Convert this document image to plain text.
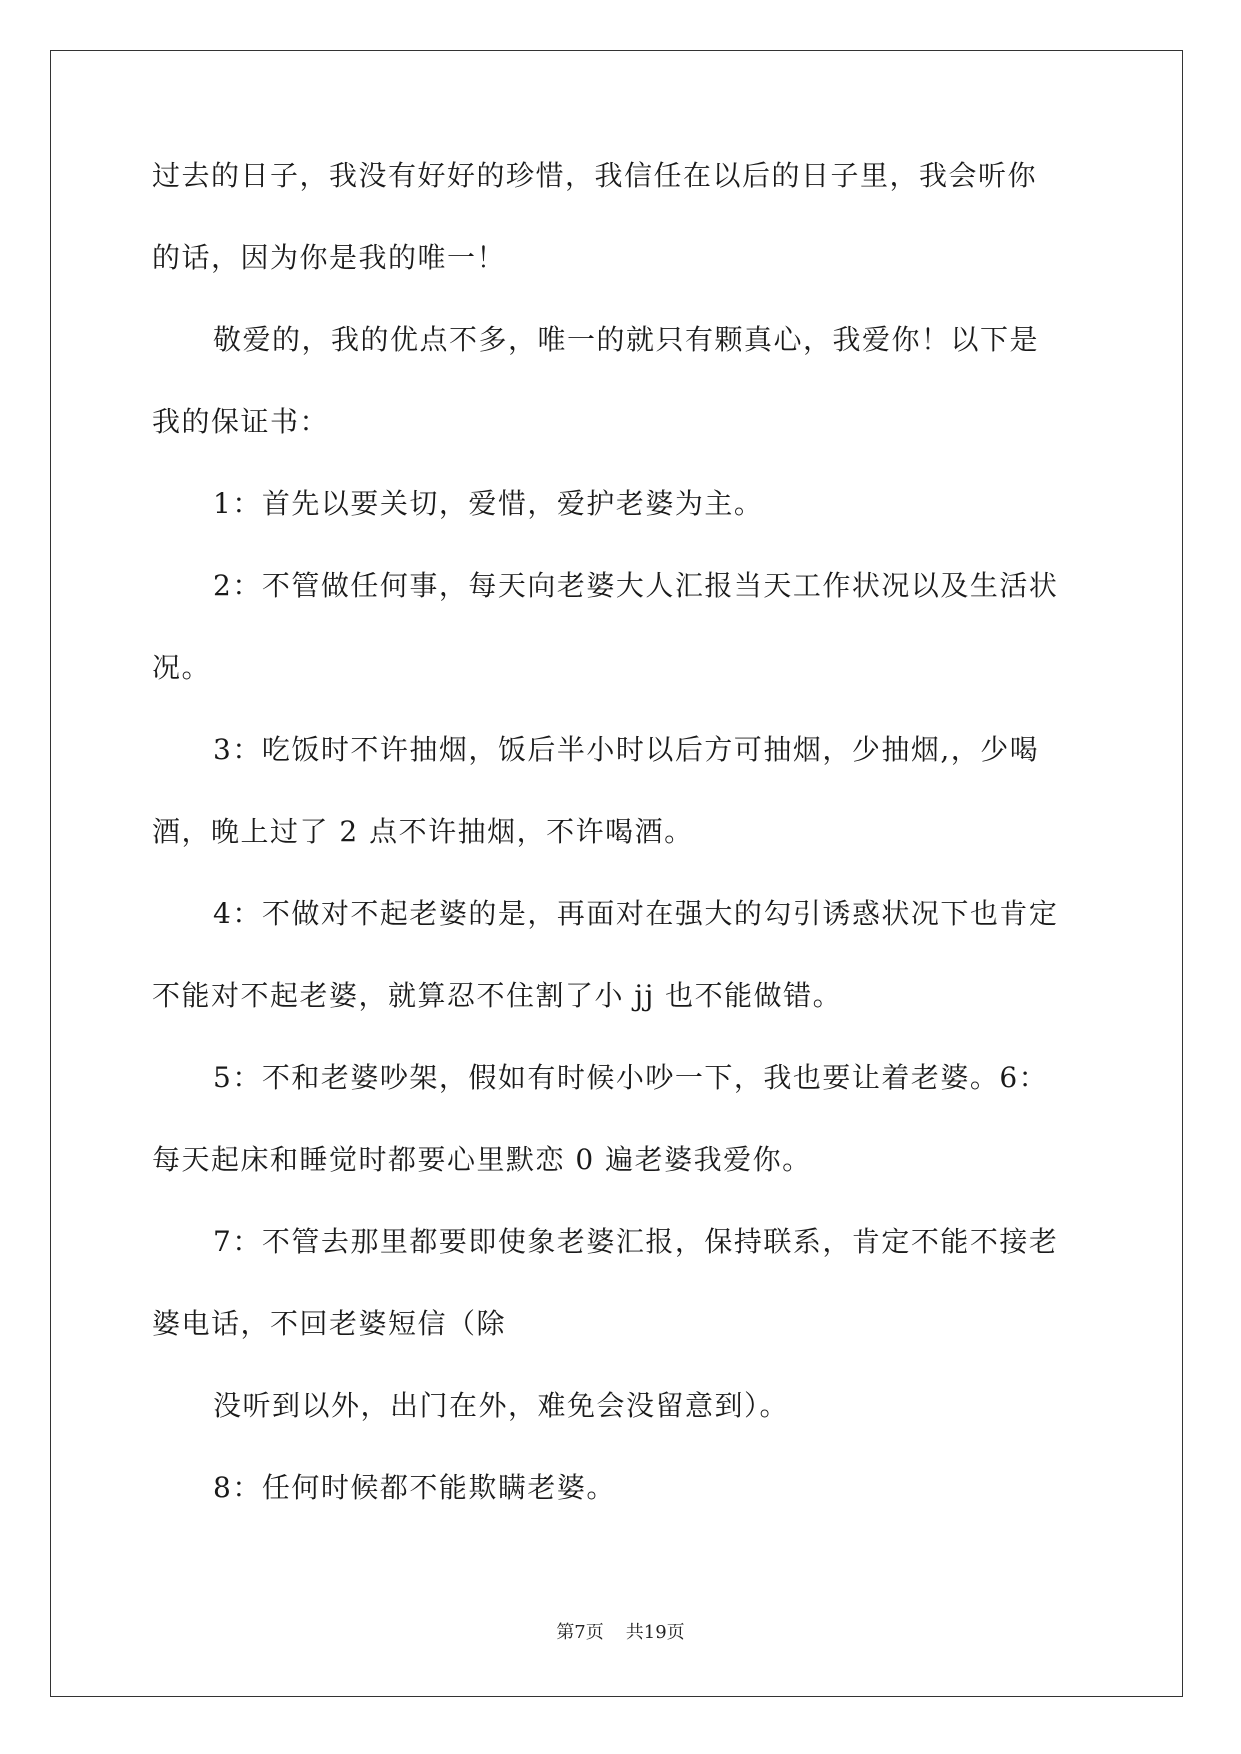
过去的日子，我没有好好的珍惜，我信任在以后的日子里，我会听你
的话，因为你是我的唯一！
敬爱的，我的优点不多，唯一的就只有颗真心，我爱你！以下是
我的保证书：
1：首先以要关切，爱惜，爱护老婆为主。
2：不管做任何事，每天向老婆大人汇报当天工作状况以及生活状
况。
3：吃饭时不许抽烟，饭后半小时以后方可抽烟，少抽烟,，少喝
酒，晚上过了 2 点不许抽烟，不许喝酒。
4：不做对不起老婆的是，再面对在强大的勾引诱惑状况下也肯定
不能对不起老婆，就算忍不住割了小 jj 也不能做错。
5：不和老婆吵架，假如有时候小吵一下，我也要让着老婆。6：
每天起床和睡觉时都要心里默恋 0 遍老婆我爱你。
7：不管去那里都要即使象老婆汇报，保持联系，肯定不能不接老
婆电话，不回老婆短信（除
没听到以外，出门在外，难免会没留意到）。
8：任何时候都不能欺瞒老婆。
第7页 共19页
